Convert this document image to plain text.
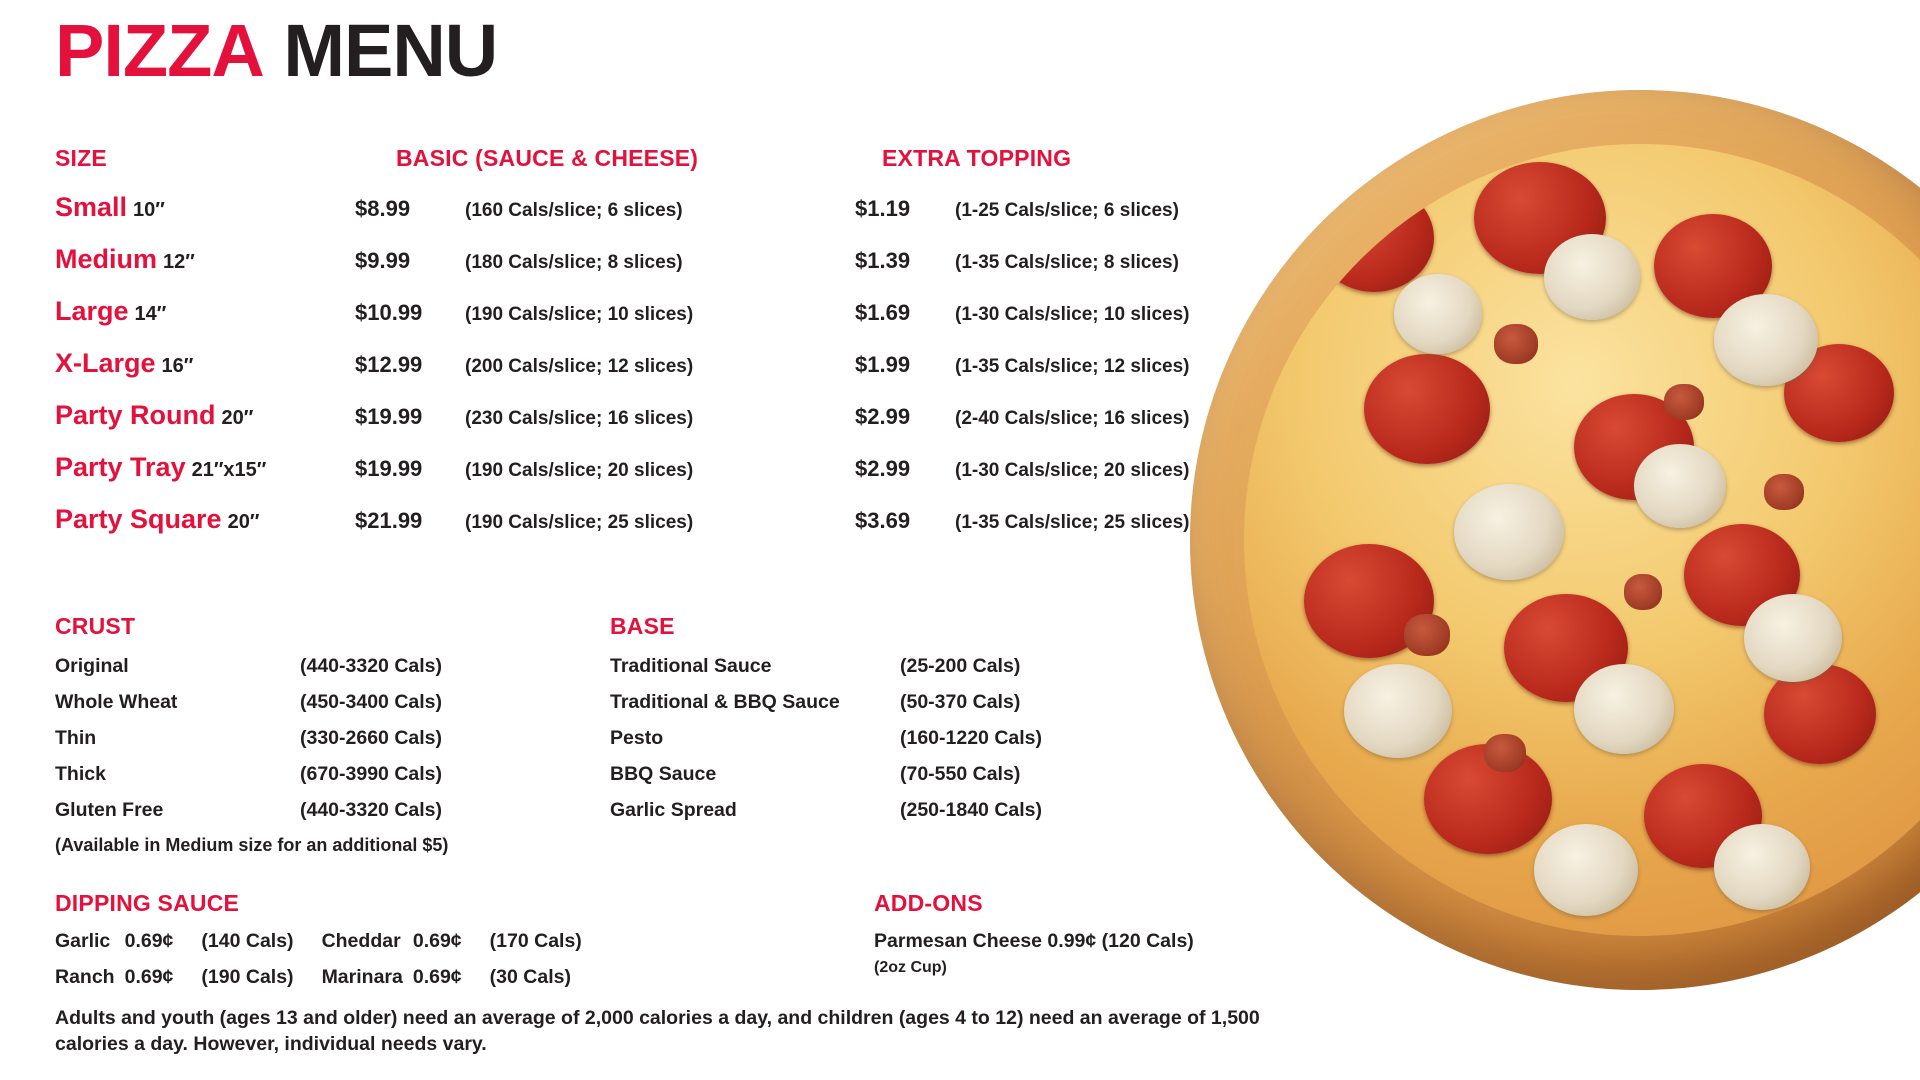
PIZZA MENU
SIZE	BASIC (SAUCE & CHEESE)	EXTRA TOPPING
Small 10″	$8.99	(160 Cals/slice; 6 slices)	$1.19	(1-25 Cals/slice; 6 slices)
Medium 12″	$9.99	(180 Cals/slice; 8 slices)	$1.39	(1-35 Cals/slice; 8 slices)
Large 14″	$10.99	(190 Cals/slice; 10 slices)	$1.69	(1-30 Cals/slice; 10 slices)
X-Large 16″	$12.99	(200 Cals/slice; 12 slices)	$1.99	(1-35 Cals/slice; 12 slices)
Party Round 20″	$19.99	(230 Cals/slice; 16 slices)	$2.99	(2-40 Cals/slice; 16 slices)
Party Tray 21″x15″	$19.99	(190 Cals/slice; 20 slices)	$2.99	(1-30 Cals/slice; 20 slices)
Party Square 20″	$21.99	(190 Cals/slice; 25 slices)	$3.69	(1-35 Cals/slice; 25 slices)
CRUST
Original	(440-3320 Cals)
Whole Wheat	(450-3400 Cals)
Thin	(330-2660 Cals)
Thick	(670-3990 Cals)
Gluten Free	(440-3320 Cals)
(Available in Medium size for an additional $5)
BASE
Traditional Sauce	(25-200 Cals)
Traditional & BBQ Sauce	(50-370 Cals)
Pesto	(160-1220 Cals)
BBQ Sauce	(70-550 Cals)
Garlic Spread	(250-1840 Cals)
DIPPING SAUCE
Garlic	0.69¢	(140 Cals)	Cheddar	0.69¢	(170 Cals)
Ranch	0.69¢	(190 Cals)	Marinara	0.69¢	(30 Cals)
ADD-ONS
Parmesan Cheese 0.99¢ (120 Cals)
(2oz Cup)
Adults and youth (ages 13 and older) need an average of 2,000 calories a day, and children (ages 4 to 12) need an average of 1,500 calories a day. However, individual needs vary.
